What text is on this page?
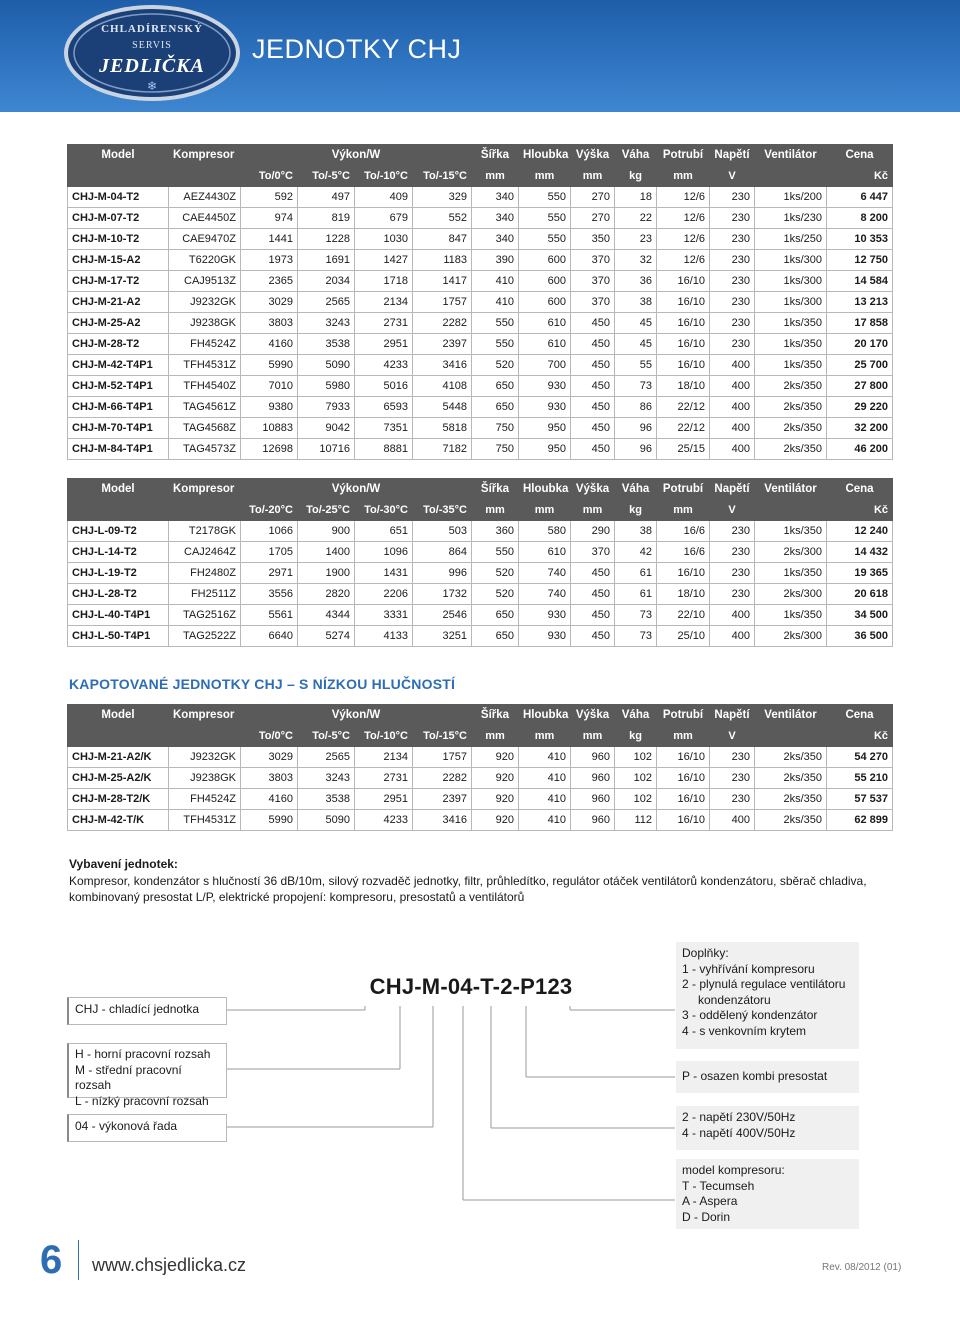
CHLADÍRENSKÝ
SERVIS
JEDLIČKA
❄
JEDNOTKY CHJ
Model	Kompresor	Výkon/W				Šířka	Hloubka	Výška	Váha	Potrubí	Napětí	Ventilátor	Cena
		To/0°C	To/-5°C	To/-10°C	To/-15°C	mm	mm	mm	kg	mm	V		Kč
CHJ-M-04-T2	AEZ4430Z	592	497	409	329	340	550	270	18	12/6	230	1ks/200	6 447
CHJ-M-07-T2	CAE4450Z	974	819	679	552	340	550	270	22	12/6	230	1ks/230	8 200
CHJ-M-10-T2	CAE9470Z	1441	1228	1030	847	340	550	350	23	12/6	230	1ks/250	10 353
CHJ-M-15-A2	T6220GK	1973	1691	1427	1183	390	600	370	32	12/6	230	1ks/300	12 750
CHJ-M-17-T2	CAJ9513Z	2365	2034	1718	1417	410	600	370	36	16/10	230	1ks/300	14 584
CHJ-M-21-A2	J9232GK	3029	2565	2134	1757	410	600	370	38	16/10	230	1ks/300	13 213
CHJ-M-25-A2	J9238GK	3803	3243	2731	2282	550	610	450	45	16/10	230	1ks/350	17 858
CHJ-M-28-T2	FH4524Z	4160	3538	2951	2397	550	610	450	45	16/10	230	1ks/350	20 170
CHJ-M-42-T4P1	TFH4531Z	5990	5090	4233	3416	520	700	450	55	16/10	400	1ks/350	25 700
CHJ-M-52-T4P1	TFH4540Z	7010	5980	5016	4108	650	930	450	73	18/10	400	2ks/350	27 800
CHJ-M-66-T4P1	TAG4561Z	9380	7933	6593	5448	650	930	450	86	22/12	400	2ks/350	29 220
CHJ-M-70-T4P1	TAG4568Z	10883	9042	7351	5818	750	950	450	96	22/12	400	2ks/350	32 200
CHJ-M-84-T4P1	TAG4573Z	12698	10716	8881	7182	750	950	450	96	25/15	400	2ks/350	46 200
Model	Kompresor	Výkon/W				Šířka	Hloubka	Výška	Váha	Potrubí	Napětí	Ventilátor	Cena
		To/-20°C	To/-25°C	To/-30°C	To/-35°C	mm	mm	mm	kg	mm	V		Kč
CHJ-L-09-T2	T2178GK	1066	900	651	503	360	580	290	38	16/6	230	1ks/350	12 240
CHJ-L-14-T2	CAJ2464Z	1705	1400	1096	864	550	610	370	42	16/6	230	2ks/300	14 432
CHJ-L-19-T2	FH2480Z	2971	1900	1431	996	520	740	450	61	16/10	230	1ks/350	19 365
CHJ-L-28-T2	FH2511Z	3556	2820	2206	1732	520	740	450	61	18/10	230	2ks/300	20 618
CHJ-L-40-T4P1	TAG2516Z	5561	4344	3331	2546	650	930	450	73	22/10	400	1ks/350	34 500
CHJ-L-50-T4P1	TAG2522Z	6640	5274	4133	3251	650	930	450	73	25/10	400	2ks/300	36 500
KAPOTOVANÉ JEDNOTKY CHJ – S NÍZKOU HLUČNOSTÍ
Model	Kompresor	Výkon/W				Šířka	Hloubka	Výška	Váha	Potrubí	Napětí	Ventilátor	Cena
		To/0°C	To/-5°C	To/-10°C	To/-15°C	mm	mm	mm	kg	mm	V		Kč
CHJ-M-21-A2/K	J9232GK	3029	2565	2134	1757	920	410	960	102	16/10	230	2ks/350	54 270
CHJ-M-25-A2/K	J9238GK	3803	3243	2731	2282	920	410	960	102	16/10	230	2ks/350	55 210
CHJ-M-28-T2/K	FH4524Z	4160	3538	2951	2397	920	410	960	102	16/10	230	2ks/350	57 537
CHJ-M-42-T/K	TFH4531Z	5990	5090	4233	3416	920	410	960	112	16/10	400	2ks/350	62 899
Vybavení jednotek:
Kompresor, kondenzátor s hlučností 36 dB/10m, silový rozvaděč jednotky, filtr, průhledítko, regulátor otáček ventilátorů kondenzátoru, sběrač chladiva,
kombinovaný presostat L/P, elektrické propojení: kompresoru, presostatů a ventilátorů
CHJ-M-04-T-2-P123
CHJ - chladící jednotka
H - horní pracovní rozsah
M - střední pracovní rozsah
L - nízký pracovní rozsah
04 - výkonová řada
Doplňky:
1 - vyhřívání kompresoru
2 - plynulá regulace ventilátoru
kondenzátoru
3 - oddělený kondenzátor
4 - s venkovním krytem
P - osazen kombi presostat
2 - napětí 230V/50Hz
4 - napětí 400V/50Hz
model kompresoru:
T - Tecumseh
A - Aspera
D - Dorin
6 www.chsjedlicka.cz	Rev. 08/2012 (01)
